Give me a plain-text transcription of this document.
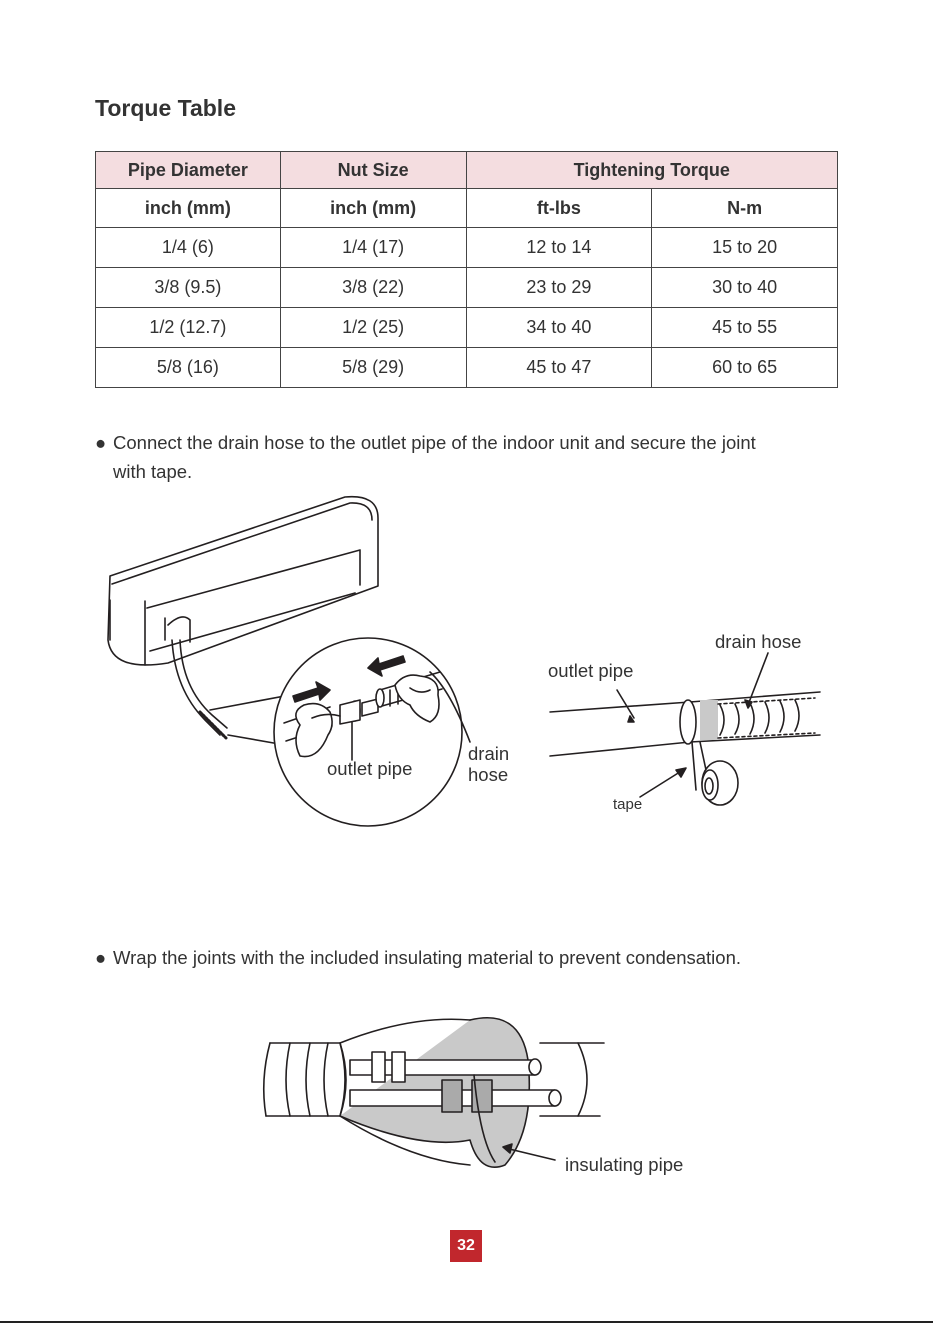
Torque Table
Pipe Diameter	Nut Size	Tightening Torque	
inch (mm)	inch (mm)	ft-lbs	N-m
1/4 (6)	1/4 (17)	12 to 14	15 to 20
3/8 (9.5)	3/8 (22)	23 to 29	30 to 40
1/2 (12.7)	1/2 (25)	34 to 40	45 to 55
5/8 (16)	5/8 (29)	45 to 47	60 to 65
● Connect the drain hose to the outlet pipe of the indoor unit and secure the joint
with tape.
outlet pipe
drain
hose
drain hose
outlet pipe
tape
● Wrap the joints with the included insulating material to prevent condensation.
insulating pipe
32
